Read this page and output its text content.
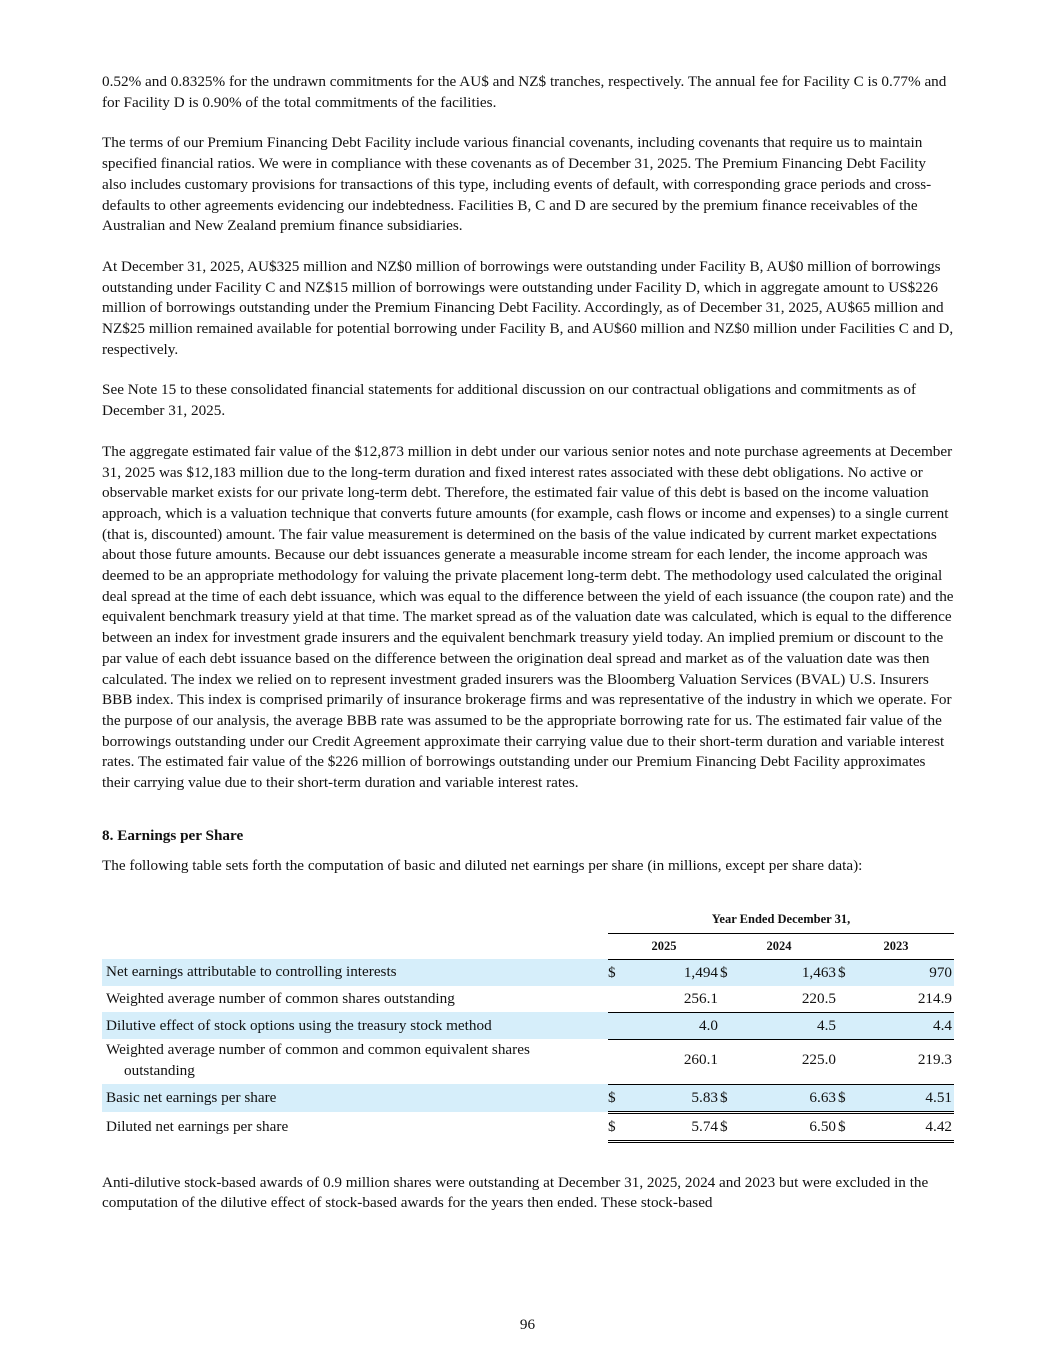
0.52% and 0.8325% for the undrawn commitments for the AU$ and NZ$ tranches, respectively. The annual fee for Facility C is 0.77% and for Facility D is 0.90% of the total commitments of the facilities.

The terms of our Premium Financing Debt Facility include various financial covenants, including covenants that require us to maintain specified financial ratios. We were in compliance with these covenants as of December 31, 2025. The Premium Financing Debt Facility also includes customary provisions for transactions of this type, including events of default, with corresponding grace periods and cross-defaults to other agreements evidencing our indebtedness. Facilities B, C and D are secured by the premium finance receivables of the Australian and New Zealand premium finance subsidiaries.

At December 31, 2025, AU$325 million and NZ$0 million of borrowings were outstanding under Facility B, AU$0 million of borrowings outstanding under Facility C and NZ$15 million of borrowings were outstanding under Facility D, which in aggregate amount to US$226 million of borrowings outstanding under the Premium Financing Debt Facility. Accordingly, as of December 31, 2025, AU$65 million and NZ$25 million remained available for potential borrowing under Facility B, and AU$60 million and NZ$0 million under Facilities C and D, respectively.

See Note 15 to these consolidated financial statements for additional discussion on our contractual obligations and commitments as of December 31, 2025.

The aggregate estimated fair value of the $12,873 million in debt under our various senior notes and note purchase agreements at December 31, 2025 was $12,183 million due to the long-term duration and fixed interest rates associated with these debt obligations. No active or observable market exists for our private long-term debt. Therefore, the estimated fair value of this debt is based on the income valuation approach, which is a valuation technique that converts future amounts (for example, cash flows or income and expenses) to a single current (that is, discounted) amount. The fair value measurement is determined on the basis of the value indicated by current market expectations about those future amounts. Because our debt issuances generate a measurable income stream for each lender, the income approach was deemed to be an appropriate methodology for valuing the private placement long-term debt. The methodology used calculated the original deal spread at the time of each debt issuance, which was equal to the difference between the yield of each issuance (the coupon rate) and the equivalent benchmark treasury yield at that time. The market spread as of the valuation date was calculated, which is equal to the difference between an index for investment grade insurers and the equivalent benchmark treasury yield today. An implied premium or discount to the par value of each debt issuance based on the difference between the origination deal spread and market as of the valuation date was then calculated. The index we relied on to represent investment graded insurers was the Bloomberg Valuation Services (BVAL) U.S. Insurers BBB index. This index is comprised primarily of insurance brokerage firms and was representative of the industry in which we operate. For the purpose of our analysis, the average BBB rate was assumed to be the appropriate borrowing rate for us. The estimated fair value of the borrowings outstanding under our Credit Agreement approximate their carrying value due to their short-term duration and variable interest rates. The estimated fair value of the $226 million of borrowings outstanding under our Premium Financing Debt Facility approximates their carrying value due to their short-term duration and variable interest rates.

8. Earnings per Share

The following table sets forth the computation of basic and diluted net earnings per share (in millions, except per share data):

	Year Ended December 31,					
	2025		2024		2023	
Net earnings attributable to controlling interests	$	1,494	$	1,463	$	970
Weighted average number of common shares outstanding		256.1		220.5		214.9
Dilutive effect of stock options using the treasury stock method		4.0		4.5		4.4
Weighted average number of common and common equivalent shares
outstanding		260.1		225.0		219.3
Basic net earnings per share	$	5.83	$	6.63	$	4.51
Diluted net earnings per share	$	5.74	$	6.50	$	4.42

Anti-dilutive stock-based awards of 0.9 million shares were outstanding at December 31, 2025, 2024 and 2023 but were excluded in the computation of the dilutive effect of stock-based awards for the years then ended. These stock-based

96
